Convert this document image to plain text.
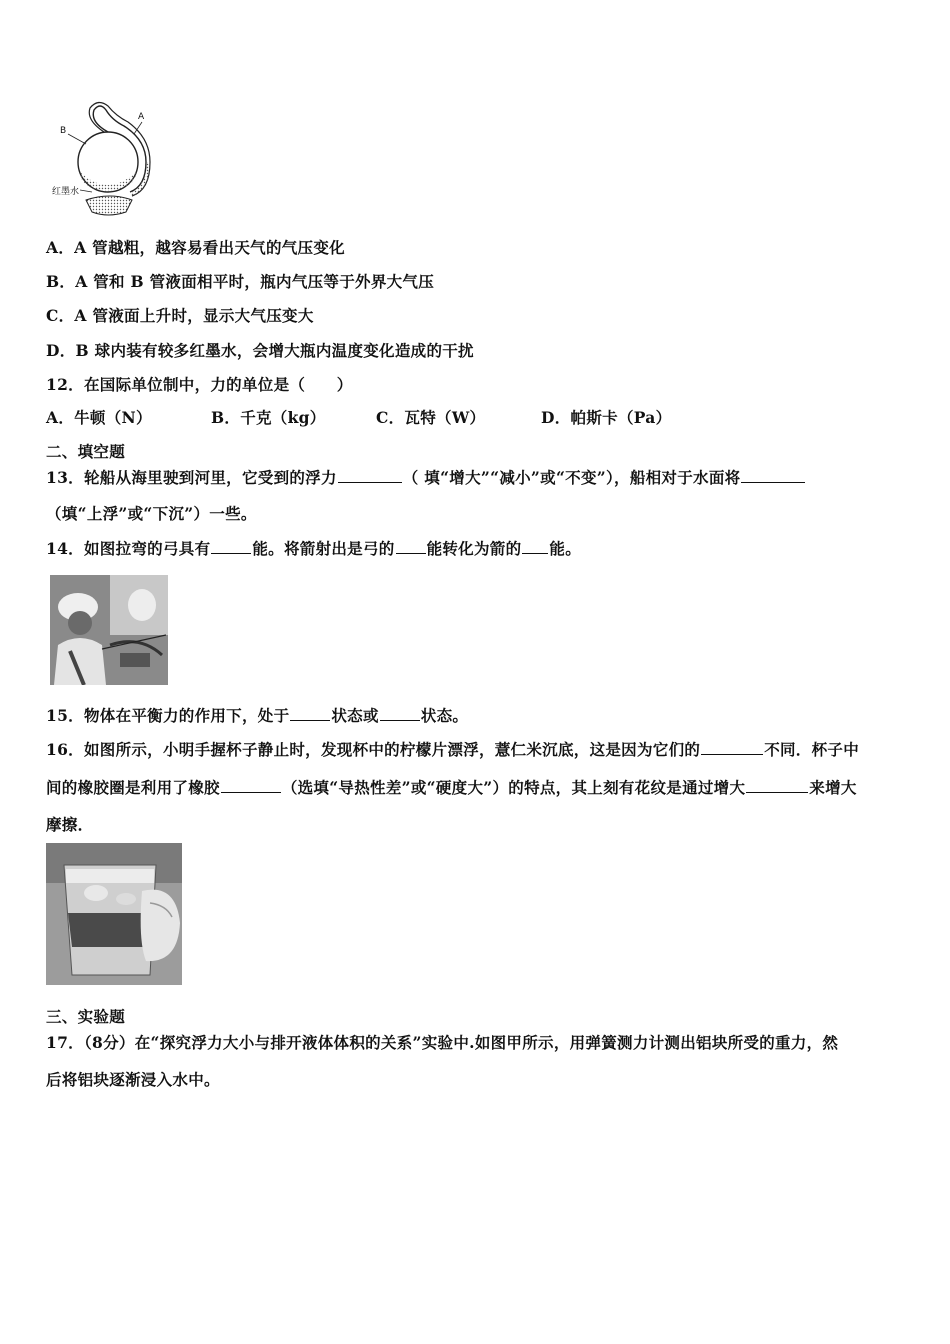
B
A
红墨水
A．A 管越粗，越容易看出天气的气压变化
B．A 管和 B 管液面相平时，瓶内气压等于外界大气压
C．A 管液面上升时，显示大气压变大
D．B 球内装有较多红墨水，会增大瓶内温度变化造成的干扰
12．在国际单位制中，力的单位是（　　）
A．牛顿（N）	B．千克（kg）	C．瓦特（W）	D．帕斯卡（Pa）
二、填空题
13．轮船从海里驶到河里，它受到的浮力	（ 填“增大”“减小”或“不变”），船相对于水面将
（填“上浮”或“下沉”）一些。
14．如图拉弯的弓具有	能。将箭射出是弓的 能转化为箭的 能。
15．物体在平衡力的作用下，处于	状态或	状态。
16．如图所示，小明手握杯子静止时，发现杯中的柠檬片漂浮，薏仁米沉底，这是因为它们的	不同．杯子中
间的橡胶圈是利用了橡胶	（选填“导热性差”或“硬度大”）的特点，其上刻有花纹是通过增大	来增大
摩擦．
三、实验题
17．（8分）在“探究浮力大小与排开液体体积的关系”实验中.如图甲所示，用弹簧测力计测出铝块所受的重力，然
后将铝块逐渐浸入水中。
